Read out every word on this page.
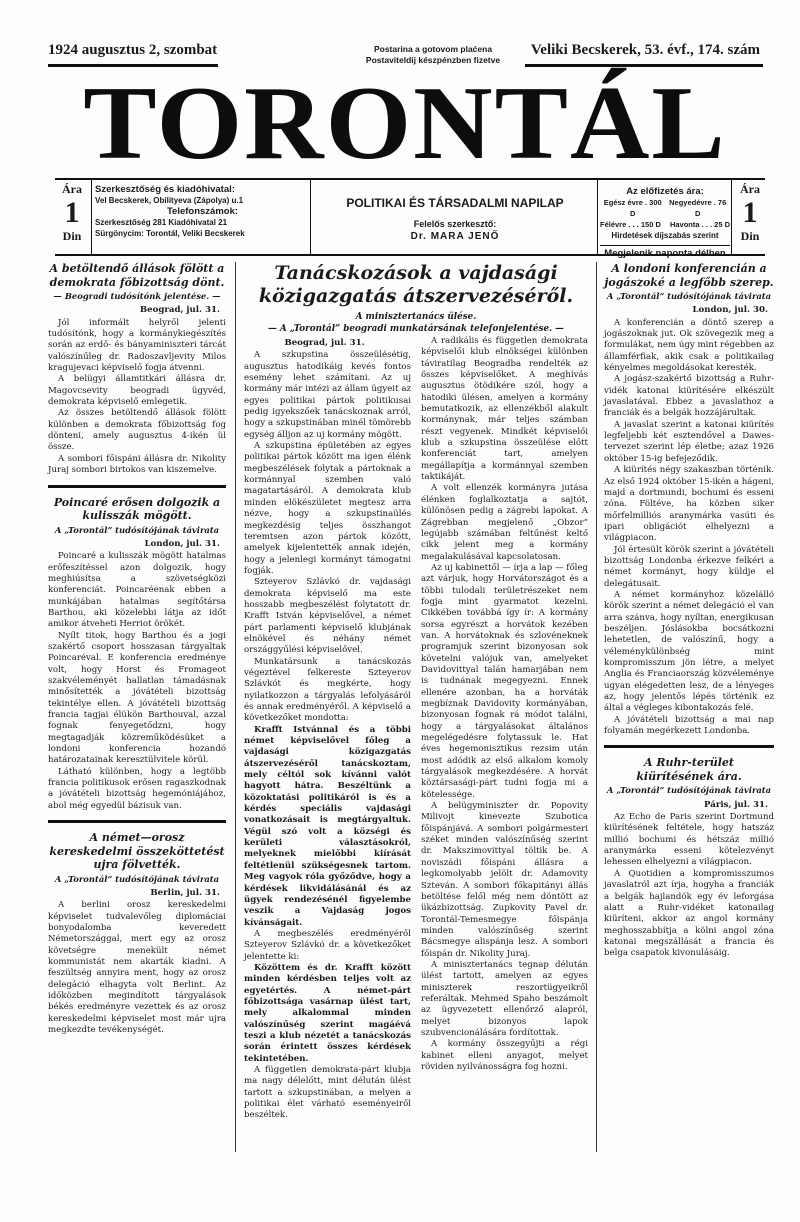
1924 augusztus 2, szombat	Postarina a gotovom plaćena
Postaviteldij készpénzben fizetve
Veliki Becskerek, 53. évf., 174. szám
TORONTÁL
Ára
1
Din
Szerkesztőség és kiadóhivatal:
Vel Becskerek, Obilityeva (Zápolya) u.1
Telefonszámok:
Szerkesztőség 281 Kiadóhivatal 21
Sürgönycim: Torontál, Veliki Becskerek
POLITIKAI ÉS TÁRSADALMI NAPILAP
Felelős szerkesztő:
Dr. MARA JENŐ
Az előfizetés ára:
Egész évre . 300 D
Negyedévre . 76 D
Félévre . . . 150 D Havonta . . . 25 D
Hirdetések díjszabás szerint
Megjelenik naponta délben
Ára
1
Din
A betöltendő állások fölött a demokrata főbizottság dönt.
— Beogradi tudósítónk jelentése. —
Beograd, jul. 31.

Jól informált helyről jelenti tudósítónk, hogy a kormánykiegészítés során az erdő- és bányaminiszteri tárcát valószínűleg dr. Radoszavljevity Milos kragujevaci képviselő fogja átvenni.

A belügyi államtitkári állásra dr. Magovcsevity beogradi ügyvéd, demokrata képviselő emlegetik.

Az összes betöltendő állások fölött különben a demokrata főbizottság fog dönteni, amely augusztus 4-ikén ül össze.

A sombori főispáni állásra dr. Nikolity Juraj sombori birtokos van kiszemelve.

Poincaré erősen dolgozik a kulisszák mögött.
A „Torontál” tudósítójának távirata
London, jul. 31.

Poincaré a kulisszák mögött hatalmas erőfeszítéssel azon dolgozik, hogy meghiúsítsa a szövetségközi konferenciát. Poincaréenak ebben a munkájában hatalmas segítőtársa Barthou, aki közelebbi látja az időt amikor átveheti Herriot örökét.

Nyílt titok, hogy Barthou és a jogi szakértő csoport hosszasan tárgyaltak Poincaréval. E konferencia eredménye volt, hogy Horst és Fromageot szakvéleményét hallatlan támadásnak minősítették a jóvátételi bizottság tekintélye ellen. A jóvátételi bizottság francia tagjai élükön Barthouval, azzal fognak fenyegetődzni, hogy megtagadják közreműködésüket a londoni konferencia hozandó határozatainak keresztülvitele körül.

Látható különben, hogy a legtöbb francia politikusok erősen ragaszkodnak a jóvátételi bizottság hegemóniájához, abol még egyedül bázisuk van.

A német—orosz kereskedelmi összeköttetést ujra fölvették.
A „Torontál” tudósítójának távirata
Berlin, jul. 31.

A berlini orosz kereskedelmi képviselet tudvalevőleg diplomáciai bonyodalomba keveredett Németországgal, mert egy az orosz követségre menekült német kommunistát nem akarták kiadni. A feszültség annyira ment, hogy az orosz delegáció elhagyta volt Berlint. Az időközben megindított tárgyalások békés eredményre vezettek és az orosz kereskedelmi képviselet most már ujra megkezdte tevékenységét.

Tanácskozások a vajdasági közigazgatás átszervezéséről.
A minisztertanács ülése.
— A „Torontál” beogradi munkatársának telefonjelentése. —
Beograd, jul. 31.

A szkupstina összeülésétig, augusztus hatodikáig kevés fontos esemény lehet számítani. Az uj kormány már intézi az állam ügyeit az egyes politikai pártok politikusai pedig igyekszőek tanácskoznak arról, hogy a szkupstinában minél tömörebb egység álljon az uj kormány mögött.

A szkupstina épületében az egyes politikai pártok között ma igen élénk megbeszélések folytak a pártoknak a kormánnyal szemben való magatartásáról. A demokrata klub minden elökészületet megtesz arra nézve, hogy a szkupstinaülés megkezdésig teljes összhangot teremtsen azon pártok között, amelyek kijelentették annak idején, hogy a jelenlegi kormányt támogatni fogják.

Szteyerov Szlávkó dr. vajdasági demokrata képviselő ma este hosszabb megbeszélést folytatott dr. Krafft István képviselővel, a német párt parlamenti képviselő klubjának elnökével és néhány német országgyűlési képviselővel.

Munkatársunk a tanácskozás végeztével felkereste Szteyerov Szlávkót és megkérte, hogy nyilatkozzon a tárgyalás lefolyásáról és annak eredményéről. A képviselő a következőket mondotta:

Krafft Istvánnal és a többi német képviselővel főleg a vajdasági közigazgatás átszervezéséről tanácskoztam, mely céltól sok kívánni valót hagyott hátra. Beszéltünk a közoktatási politikáról is és a kérdés speciális vajdasági vonatkozásait is megtárgyaltuk. Végül szó volt a községi és kerületi választásokról, melyeknek mielőbbi kiírását feltétlenül szükségesnek tartom. Meg vagyok róla győződve, hogy a kérdések likvidálásánál és az ügyek rendezésénél figyelembe veszik a Vajdaság jogos kívánságait.

A megbeszélés eredményéről Szteyerov Szlávkó dr. a következőket jelentette ki:

Közöttem és dr. Krafft között minden kérdésben teljes volt az egyetértés. A német-párt főbizottsága vasárnap ülést tart, mely alkalommal minden valószínűség szerint magáévá teszi a klub nézetét a tanácskozás során érintett összes kérdések tekintetében.

A független demokrata-párt klubja ma nagy délelőtt, mint délután ülést tartott a szkupstinában, a melyen a politikai élet várható eseményeiről beszéltek.

A radikális és független demokrata képviselői klub elnökségei különben táviratilag Beogradba rendelték az összes képviselőket. A meghívás augusztus ötödikére szól, hogy a hatodiki ülésen, amelyen a kormány bemutatkozik, az ellenzékből alakult kormánynak, már teljes számban részt vegyenek. Mindkét képviselői klub a szkupstina összeülése előtt konferenciát tart, amelyen megállapítja a kormánnyal szemben taktikáját.

A volt ellenzék kormányra jutása élénken foglalkoztatja a sajtót, különösen pedig a zágrebi lapokat. A Zágrebban megjelenő „Obzor” legújabb számában feltűnést keltő cikk jelent meg a kormány megalakulásával kapcsolatosan.

Az uj kabinettől — írja a lap — főleg azt várjuk, hogy Horvátországot és a többi tulodali területrészeket nem fogja mint gyarmatot kezelni. Cikkében továbbá így ír: A kormány sorsa egyrészt a horvátok kezében van. A horvátoknak és szlovéneknek programjuk szerint bizonyosan sok követelni valójuk van, amelyeket Davidovittyal talán hamarjában nem is tudnának megegyezni. Ennek ellenére azonban, ha a horváták megbíznak Davidovity kormányában, bizonyosan fognak rá módot találni, hogy a tárgyalásokat általános megelégedésre folytassuk le. Hat éves hegemonisztikus rezsim után most adódik az első alkalom komoly tárgyalások megkezdésére. A horvát köztársasági-párt tudni fogja mi a kötelessége.

A belügyminiszter dr. Popovity Milivojt kinevezte Szubotica főispánjává. A sombori polgármesteri széket minden valószínűség szerint dr. Makszimovittyal töltik be. A noviszádi főispáni állásra a legkomolyabb jelölt dr. Adamovity Szteván. A sombori főkapitányi állás betöltése felől még nem döntött az ükázbizottság. Zupkovity Pavel dr. Torontál-Temesmegye főispánja minden valószínűség szerint Bácsmegye alispánja lesz. A sombori főispán dr. Nikolity Juraj.

A minisztertanács tegnap délután ülést tartott, amelyen az egyes miniszterek reszortügyeikről referáltak. Mehmed Spaho beszámolt az ügyvezetett ellenőrző alapról, melyet bizonyos lapok szubvencionálására fordítottak.

A kormány összegyűjti a régi kabinet elleni anyagot, melyet röviden nyilvánosságra fog hozni.

A londoni konferencián a jogászoké a legfőbb szerep.
A „Torontál” tudósítójának távirata
London, jul. 30.

A konferencián a döntő szerep a jogászoknak jut. Ok szövegezik meg a formulákat, nem úgy mint régebben az államférfiak, akik csak a politikailag kényelmes megoldásokat keresték.

A jogász-szakértő bizottság a Ruhr-vidék katonai kiürítésére elkészült javaslatával. Ebbez a javaslathoz a franciák és a belgák hozzájárultak.

A javaslat szerint a katonai kiürítés legfeljebb két esztendővel a Dawes-tervezet szerint lép életbe; azaz 1926 október 15-ig befejeződik.

A kiürítés négy szakaszban történik. Az első 1924 október 15-ikén a hágeni, majd a dortmundi, bochumi és esseni zóna. Föltéve, ha közben siker mőrfelmilliós aranymárka vasúti és ipari obligációt elhelyezni a világpiacon.

Jól értesült körök szerint a jóvátételi bizottság Londonba érkezve felkéri a német kormányt, hogy küldje el delegátusait.

A német kormányhoz közelálló körök szerint a német delegáció el van arra szánva, hogy nyíltan, energikusan beszéljen. Jóslásokba bocsátkozni lehetetlen, de valószínű, hogy a véleménykülönbség mint kompromisszum jön létre, a melyet Anglia és Franciaország közvéleménye ugyan elégedetten lesz, de a lényeges az, hogy jelentős lépés történik ez által a végleges kibontakozás felé.

A jóvátételi bizottság a mai nap folyamán megérkezett Londonba.

A Ruhr-terület kiürítésének ára.
A „Torontál” tudósítójának távirata
Páris, jul. 31.

Az Echo de Paris szerint Dortmund kiürítésének feltétele, hogy hatszáz millió bochumi és hétszáz millió aranymárka esseni kötelezvényt lehessen elhelyezni a világpiacon.

A Quotidien a kompromisszumos javaslatról azt írja, hogyha a franciák a belgák hajlandók egy év leforgása alatt a Ruhr-vidéket katonailag kiüríteni, akkor az angol kormány meghosszabbítja a kölni angol zóna katonai megszállását a francia és belga csapatok kivonulásáig.
